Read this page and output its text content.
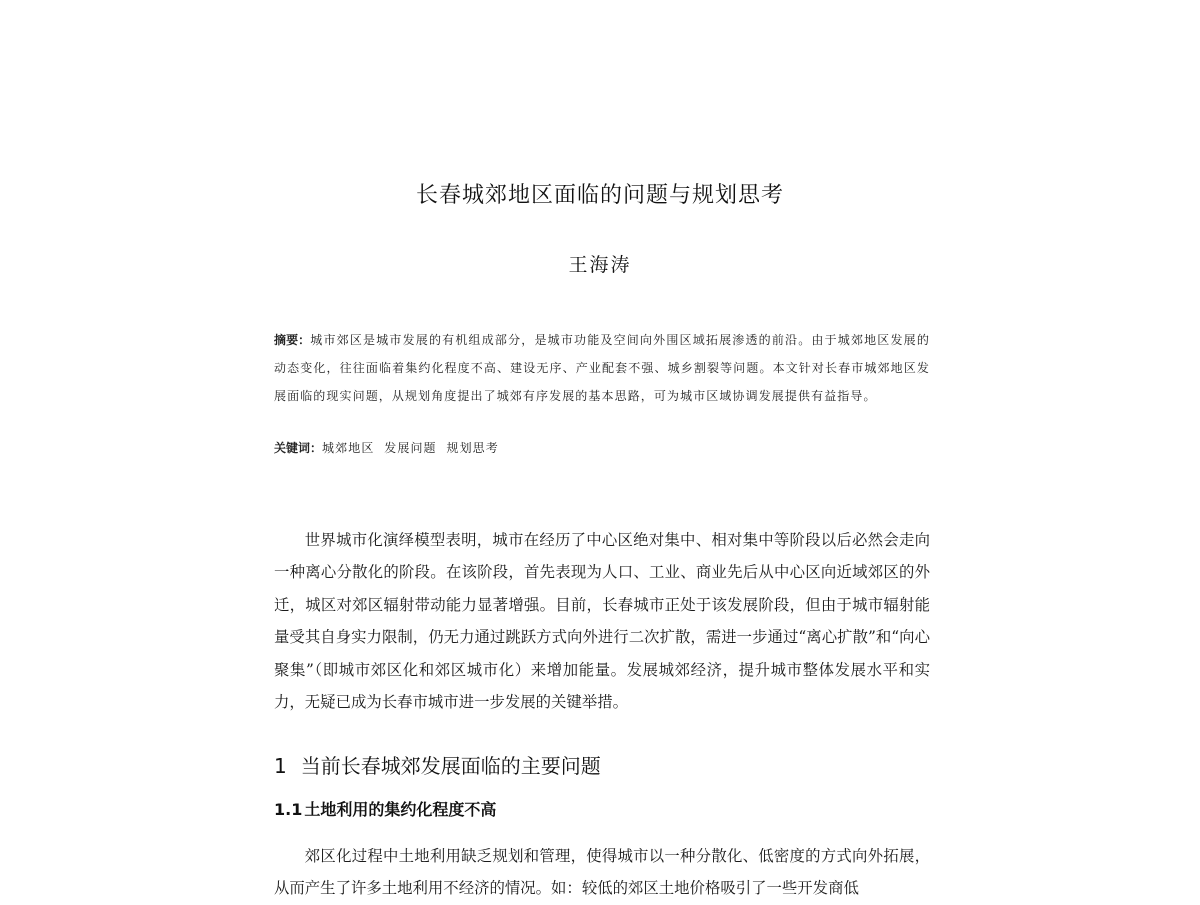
长春城郊地区面临的问题与规划思考
王海涛
摘要：城市郊区是城市发展的有机组成部分，是城市功能及空间向外围区域拓展渗透的前沿。由于城郊地区发展的动态变化，往往面临着集约化程度不高、建设无序、产业配套不强、城乡割裂等问题。本文针对长春市城郊地区发展面临的现实问题，从规划角度提出了城郊有序发展的基本思路，可为城市区域协调发展提供有益指导。
关键词：城郊地区  发展问题  规划思考
世界城市化演绎模型表明，城市在经历了中心区绝对集中、相对集中等阶段以后必然会走向一种离心分散化的阶段。在该阶段，首先表现为人口、工业、商业先后从中心区向近域郊区的外迁，城区对郊区辐射带动能力显著增强。目前，长春城市正处于该发展阶段，但由于城市辐射能量受其自身实力限制，仍无力通过跳跃方式向外进行二次扩散，需进一步通过“离心扩散”和“向心聚集”（即城市郊区化和郊区城市化）来增加能量。发展城郊经济，提升城市整体发展水平和实力，无疑已成为长春市城市进一步发展的关键举措。
1 当前长春城郊发展面临的主要问题
1.1 土地利用的集约化程度不高
郊区化过程中土地利用缺乏规划和管理，使得城市以一种分散化、低密度的方式向外拓展，从而产生了许多土地利用不经济的情况。如：较低的郊区土地价格吸引了一些开发商低
